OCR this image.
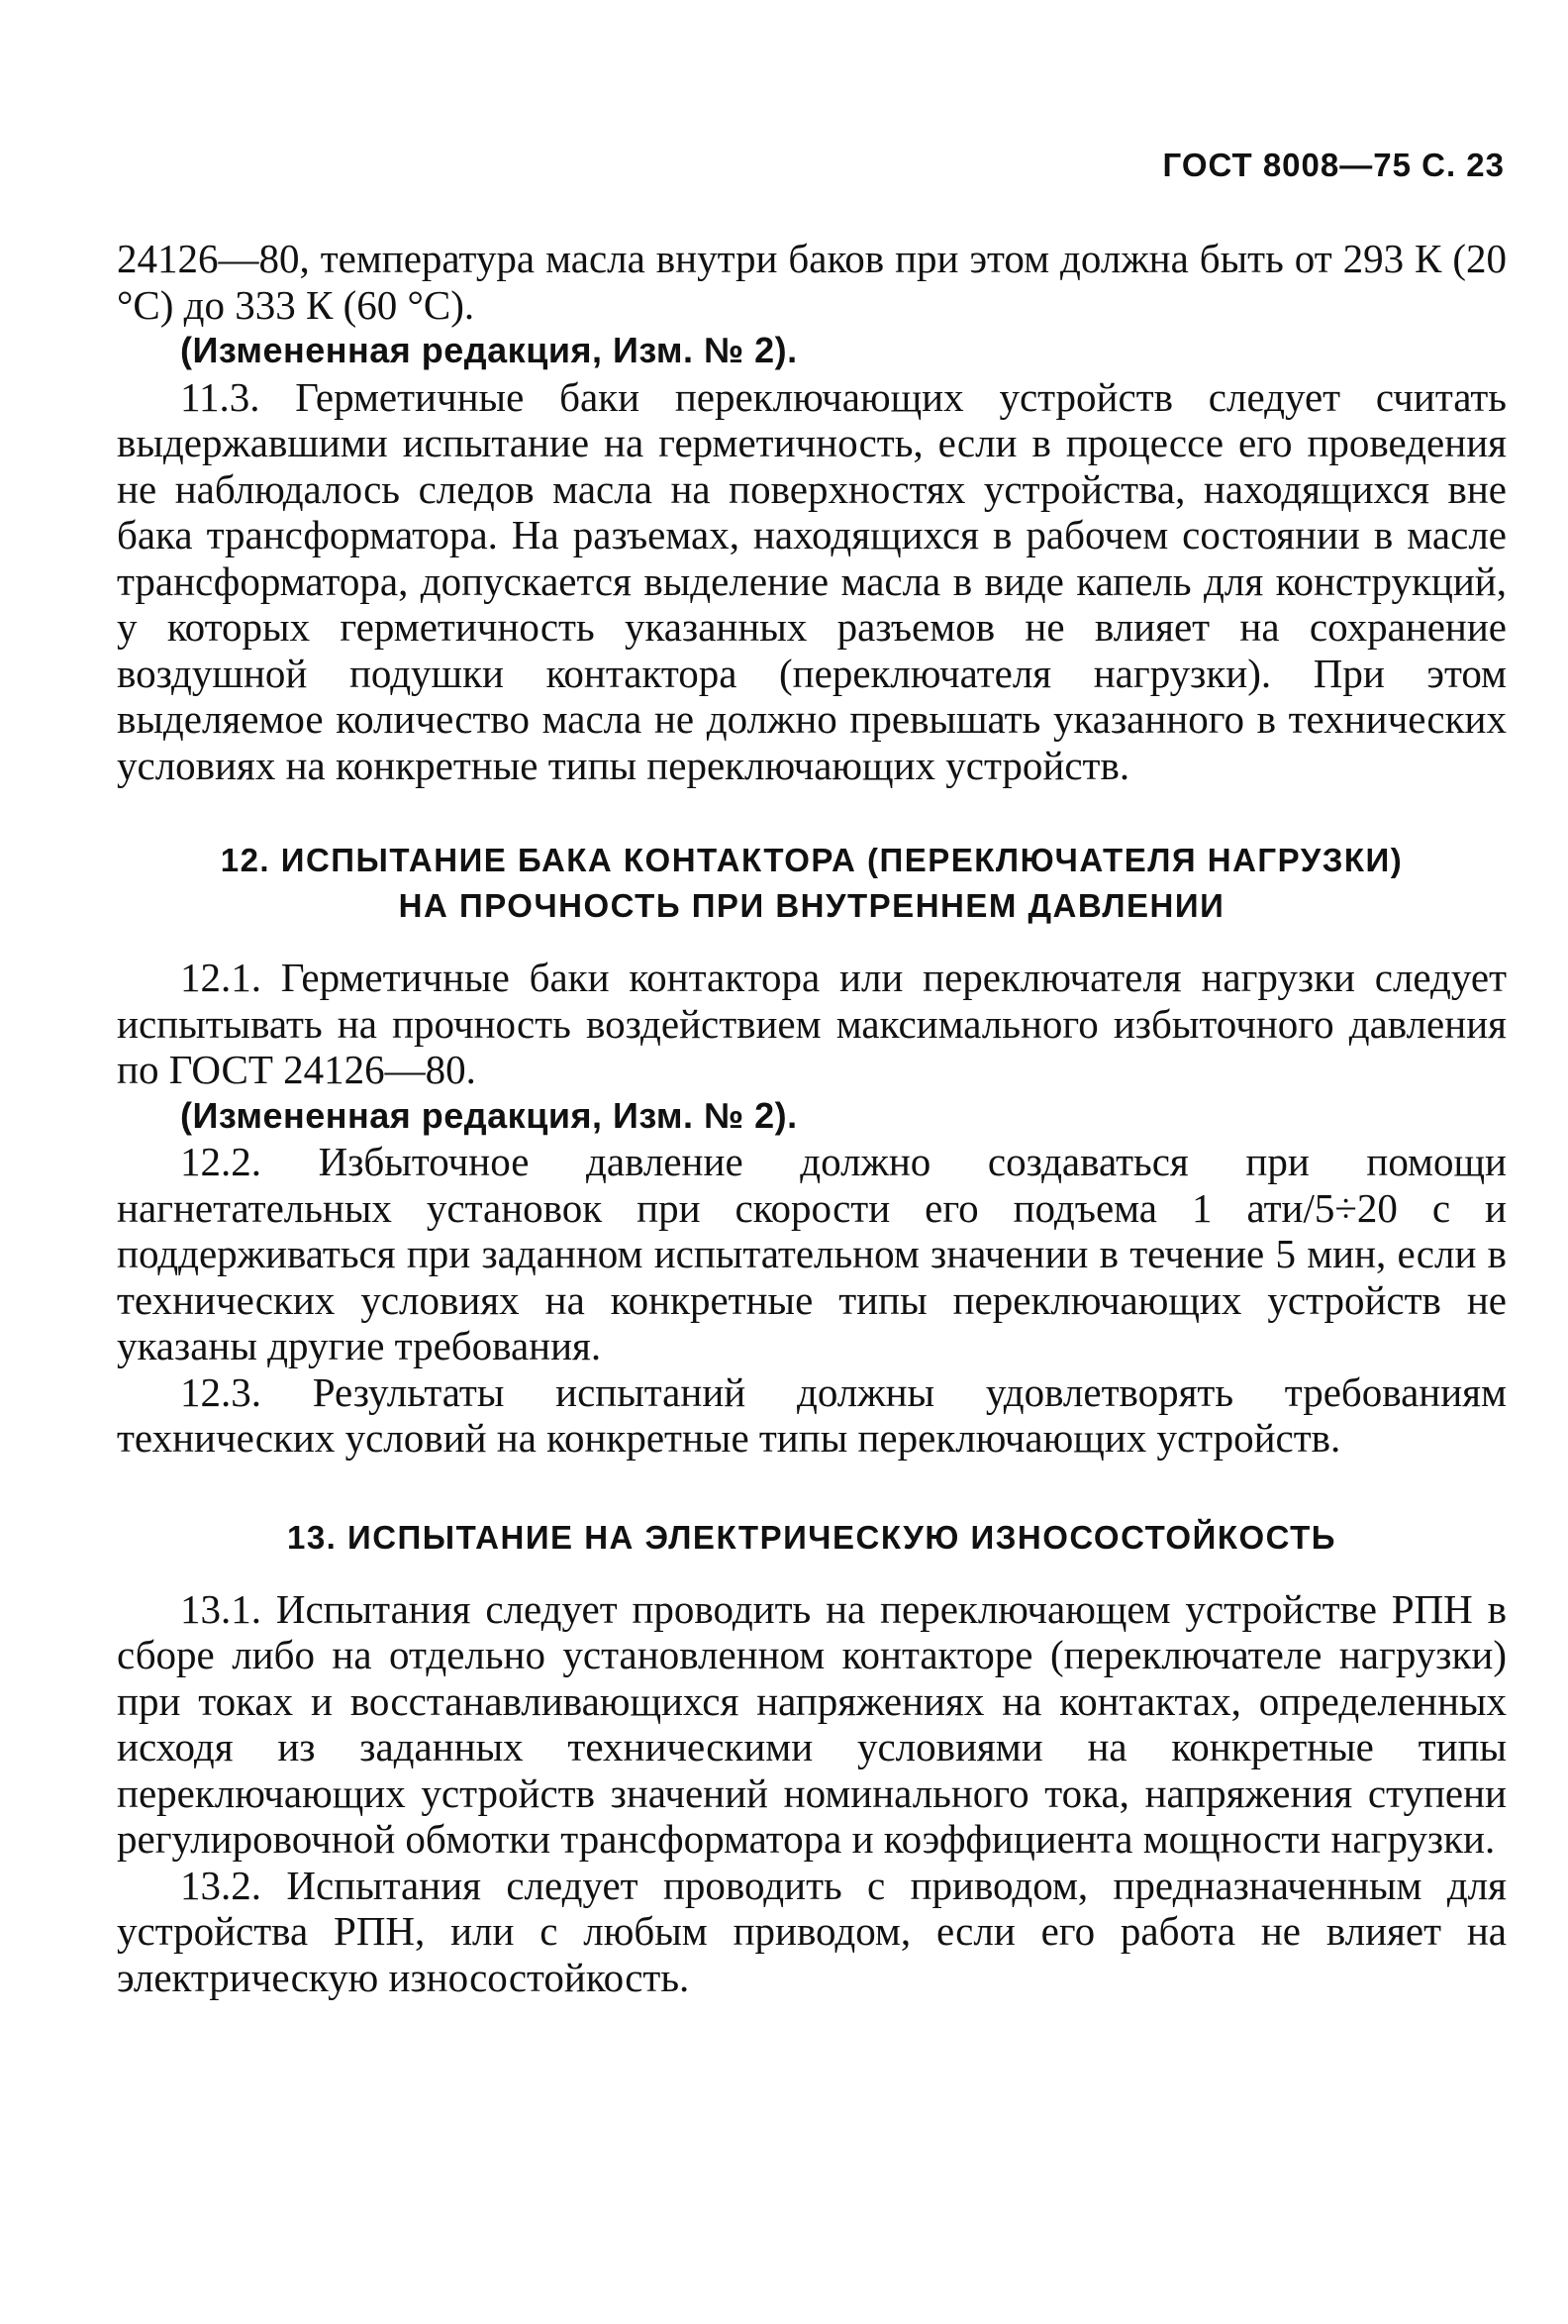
ГОСТ 8008—75 С. 23

24126—80, температура масла внутри баков при этом должна быть от 293 К (20 °С) до 333 К (60 °С).

(Измененная редакция, Изм. № 2).

11.3. Герметичные баки переключающих устройств следует считать выдержавшими испытание на герметичность, если в процессе его проведения не наблюдалось следов масла на поверхностях устройства, находящихся вне бака трансформатора. На разъемах, находящихся в рабочем состоянии в масле трансформатора, допускается выделение масла в виде капель для конструкций, у которых герметичность указанных разъемов не влияет на сохранение воздушной подушки контактора (переключателя нагрузки). При этом выделяемое количество масла не должно превышать указанного в технических условиях на конкретные типы переключающих устройств.

12. ИСПЫТАНИЕ БАКА КОНТАКТОРА (ПЕРЕКЛЮЧАТЕЛЯ НАГРУЗКИ)
НА ПРОЧНОСТЬ ПРИ ВНУТРЕННЕМ ДАВЛЕНИИ

12.1. Герметичные баки контактора или переключателя нагрузки следует испытывать на прочность воздействием максимального избыточного давления по ГОСТ 24126—80.

(Измененная редакция, Изм. № 2).

12.2. Избыточное давление должно создаваться при помощи нагнетательных установок при скорости его подъема 1 ати/5÷20 с и поддерживаться при заданном испытательном значении в течение 5 мин, если в технических условиях на конкретные типы переключающих устройств не указаны другие требования.

12.3. Результаты испытаний должны удовлетворять требованиям технических условий на конкретные типы переключающих устройств.

13. ИСПЫТАНИЕ НА ЭЛЕКТРИЧЕСКУЮ ИЗНОСОСТОЙКОСТЬ

13.1. Испытания следует проводить на переключающем устройстве РПН в сборе либо на отдельно установленном контакторе (переключателе нагрузки) при токах и восстанавливающихся напряжениях на контактах, определенных исходя из заданных техническими условиями на конкретные типы переключающих устройств значений номинального тока, напряжения ступени регулировочной обмотки трансформатора и коэффициента мощности нагрузки.

13.2. Испытания следует проводить с приводом, предназначенным для устройства РПН, или с любым приводом, если его работа не влияет на электрическую износостойкость.
